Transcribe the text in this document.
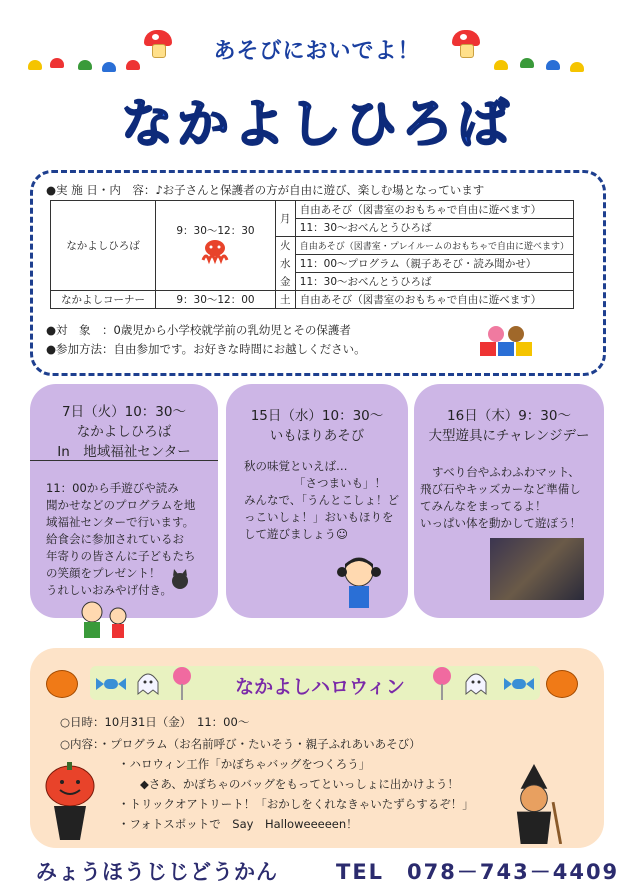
あそびにおいでよ！
なかよしひろば
●実 施 日・内　容：♪お子さんと保護者の方が自由に遊び、楽しむ場となっています
なかよしひろば	9：30～12：30	月	自由あそび（図書室のおもちゃで自由に遊べます）
			11：30～おべんとうひろば
		火	自由あそび（図書室・プレイルームのおもちゃで自由に遊べます）
		水	11：00～プログラム（親子あそび・読み聞かせ）
		金	11：30～おべんとうひろば
なかよしコーナー	9：30～12：00	土	自由あそび（図書室のおもちゃで自由に遊べます）
●対　象　：0歳児から小学校就学前の乳幼児とその保護者
●参加方法：自由参加です。お好きな時間にお越しください。
7日（火）10：30～
なかよしひろば
In　地域福祉センター
11：00から手遊びや読み
聞かせなどのプログラムを地
域福祉センターで行います。
給食会に参加されているお
年寄りの皆さんに子どもたち
の笑顔をプレゼント！
うれしいおみやげ付き。
15日（水）10：30～
いもほりあそび
秋の味覚といえば…
「さつまいも」！
みんなで、「うんとこしょ！ど
っこいしょ！」おいもほりを
して遊びましょう☺
16日（木）9：30～
大型遊具にチャレンジデー
すべり台やふわふわマット、
飛び石やキッズカーなど準備し
てみんなをまってるよ！
いっぱい体を動かして遊ぼう！
なかよしハロウィン
○日時：10月31日（金）　11：00～
○内容：・プログラム（お名前呼び・たいそう・親子ふれあいあそび）
・ハロウィン工作「かぼちゃバッグをつくろう」
◆さあ、かぼちゃのバッグをもってといっしょに出かけよう！
・トリックオアトリート！「おかしをくれなきゃいたずらするぞ！」
・フォトスポットで　Say　Halloweeeeen！
みょうほうじじどうかん	TEL　078－743－4409
